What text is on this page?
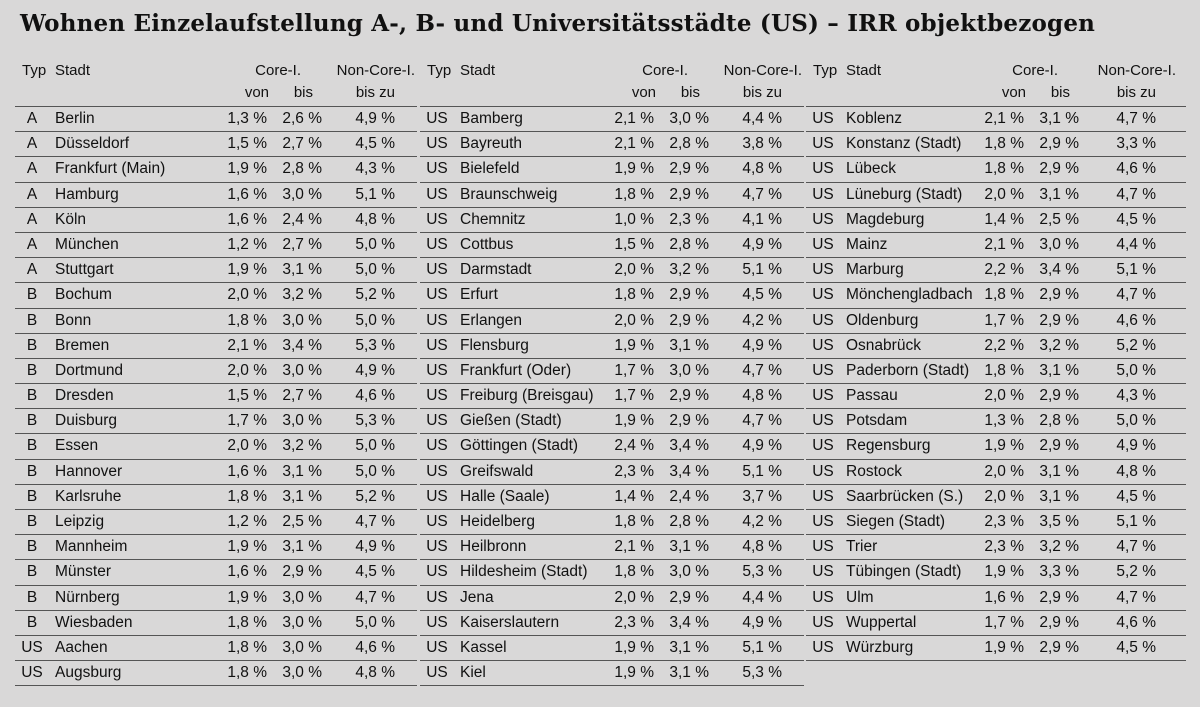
Wohnen Einzelaufstellung A-, B- und Universitätsstädte (US) – IRR objektbezogen
Typ Stadt	Core-I. Non-Core-I.
von bis	bis zu
A	Berlin	1,3 % 2,6 % 4,9 %
A	Düsseldorf	1,5 % 2,7 % 4,5 %
A	Frankfurt (Main)	1,9 % 2,8 % 4,3 %
A	Hamburg	1,6 % 3,0 % 5,1 %
A	Köln	1,6 % 2,4 % 4,8 %
A	München	1,2 % 2,7 % 5,0 %
A	Stuttgart	1,9 % 3,1 % 5,0 %
B	Bochum	2,0 % 3,2 % 5,2 %
B	Bonn	1,8 % 3,0 % 5,0 %
B	Bremen	2,1 % 3,4 % 5,3 %
B	Dortmund	2,0 % 3,0 % 4,9 %
B	Dresden	1,5 % 2,7 % 4,6 %
B	Duisburg	1,7 % 3,0 % 5,3 %
B	Essen	2,0 % 3,2 % 5,0 %
B	Hannover	1,6 % 3,1 % 5,0 %
B	Karlsruhe	1,8 % 3,1 % 5,2 %
B	Leipzig	1,2 % 2,5 % 4,7 %
B	Mannheim	1,9 % 3,1 % 4,9 %
B	Münster	1,6 % 2,9 % 4,5 %
B	Nürnberg	1,9 % 3,0 % 4,7 %
B	Wiesbaden	1,8 % 3,0 % 5,0 %
US Aachen	1,8 % 3,0 % 4,6 %
US Augsburg	1,8 % 3,0 % 4,8 %
Typ Stadt	Core-I. Non-Core-I.
von bis	bis zu
US Bamberg	2,1 % 3,0 % 4,4 %
US Bayreuth	2,1 % 2,8 % 3,8 %
US Bielefeld	1,9 % 2,9 % 4,8 %
US Braunschweig	1,8 % 2,9 % 4,7 %
US Chemnitz	1,0 % 2,3 % 4,1 %
US Cottbus	1,5 % 2,8 % 4,9 %
US Darmstadt	2,0 % 3,2 % 5,1 %
US Erfurt	1,8 % 2,9 % 4,5 %
US Erlangen	2,0 % 2,9 % 4,2 %
US Flensburg	1,9 % 3,1 % 4,9 %
US Frankfurt (Oder)	1,7 % 3,0 % 4,7 %
US Freiburg (Breisgau) 1,7 % 2,9 % 4,8 %
US Gießen (Stadt)	1,9 % 2,9 % 4,7 %
US Göttingen (Stadt) 2,4 % 3,4 % 4,9 %
US Greifswald	2,3 % 3,4 % 5,1 %
US Halle (Saale)	1,4 % 2,4 % 3,7 %
US Heidelberg	1,8 % 2,8 % 4,2 %
US Heilbronn	2,1 % 3,1 % 4,8 %
US Hildesheim (Stadt) 1,8 % 3,0 % 5,3 %
US Jena	2,0 % 2,9 % 4,4 %
US Kaiserslautern	2,3 % 3,4 % 4,9 %
US Kassel	1,9 % 3,1 % 5,1 %
US Kiel	1,9 % 3,1 % 5,3 %
Typ Stadt	Core-I.	Non-Core-I.
von bis	bis zu
US Koblenz	2,1 % 3,1 % 4,7 %
US Konstanz (Stadt) 1,8 % 2,9 % 3,3 %
US Lübeck	1,8 % 2,9 % 4,6 %
US Lüneburg (Stadt) 2,0 % 3,1 % 4,7 %
US Magdeburg	1,4 % 2,5 % 4,5 %
US Mainz	2,1 % 3,0 % 4,4 %
US Marburg	2,2 % 3,4 % 5,1 %
US Mönchengladbach 1,8 % 2,9 % 4,7 %
US Oldenburg	1,7 % 2,9 % 4,6 %
US Osnabrück	2,2 % 3,2 % 5,2 %
US Paderborn (Stadt) 1,8 % 3,1 % 5,0 %
US Passau	2,0 % 2,9 % 4,3 %
US Potsdam	1,3 % 2,8 % 5,0 %
US Regensburg	1,9 % 2,9 % 4,9 %
US Rostock	2,0 % 3,1 % 4,8 %
US Saarbrücken (S.) 2,0 % 3,1 % 4,5 %
US Siegen (Stadt)	2,3 % 3,5 % 5,1 %
US Trier	2,3 % 3,2 % 4,7 %
US Tübingen (Stadt) 1,9 % 3,3 % 5,2 %
US Ulm	1,6 % 2,9 % 4,7 %
US Wuppertal	1,7 % 2,9 % 4,6 %
US Würzburg	1,9 % 2,9 % 4,5 %
